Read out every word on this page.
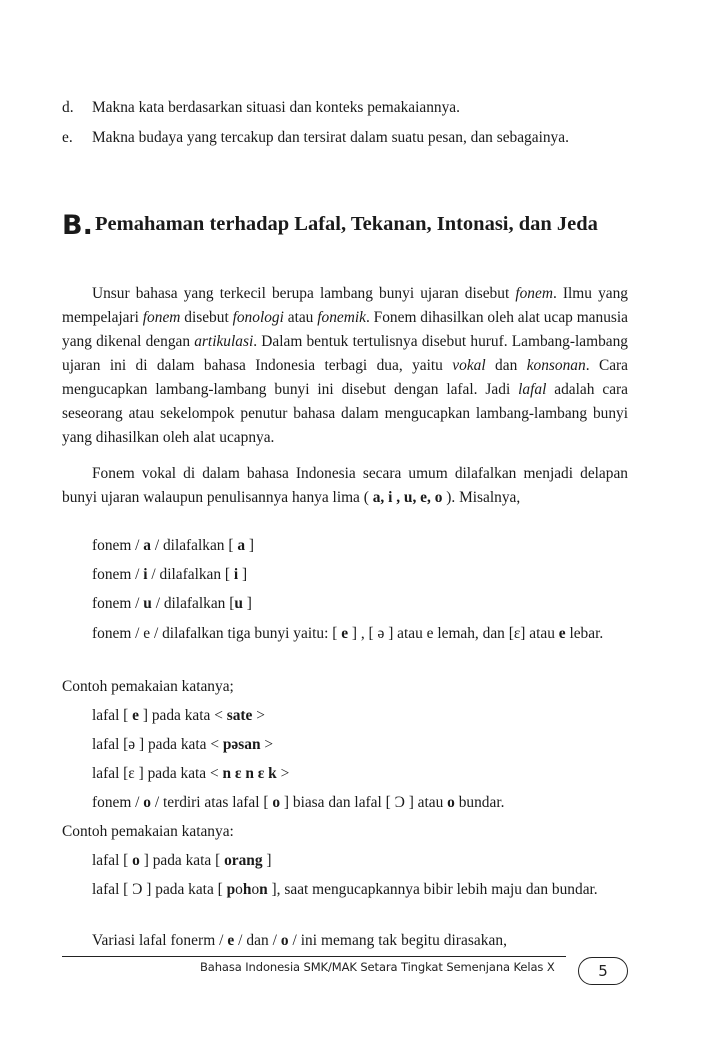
d. Makna kata berdasarkan situasi dan konteks pemakaiannya.
e. Makna budaya yang tercakup dan tersirat dalam suatu pesan, dan sebagainya.
B. Pemahaman terhadap Lafal, Tekanan, Intonasi, dan Jeda
Unsur bahasa yang terkecil berupa lambang bunyi ujaran disebut fonem. Ilmu yang mempelajari fonem disebut fonologi atau fonemik. Fonem dihasilkan oleh alat ucap manusia yang dikenal dengan artikulasi. Dalam bentuk tertulisnya disebut huruf. Lambang-lambang ujaran ini di dalam bahasa Indonesia terbagi dua, yaitu vokal dan konsonan. Cara mengucapkan lambang-lambang bunyi ini disebut dengan lafal. Jadi lafal adalah cara seseorang atau sekelompok penutur bahasa dalam mengucapkan lambang-lambang bunyi yang dihasilkan oleh alat ucapnya.
Fonem vokal di dalam bahasa Indonesia secara umum dilafalkan menjadi delapan bunyi ujaran walaupun penulisannya hanya lima ( a, i , u, e, o ). Misalnya,
fonem / a / dilafalkan [ a ]
fonem / i / dilafalkan [ i ]
fonem / u / dilafalkan [u ]
fonem / e / dilafalkan tiga bunyi yaitu: [ e ] , [ ə ] atau e lemah, dan [ɛ] atau e lebar.
Contoh pemakaian katanya;
lafal [ e ] pada kata < sate >
lafal [ə ] pada kata < pəsan >
lafal [ɛ ] pada kata < n ɛ n ɛ k >
fonem / o / terdiri atas lafal [ o ] biasa dan lafal [ Ɔ ] atau o bundar.
Contoh pemakaian katanya:
lafal [ o ] pada kata [ orang ]
lafal [ Ɔ ] pada kata [ pohon ], saat mengucapkannya bibir lebih maju dan bundar.
Variasi lafal fonerm / e / dan / o / ini memang tak begitu dirasakan,
Bahasa Indonesia SMK/MAK Setara Tingkat Semenjana Kelas X	5
